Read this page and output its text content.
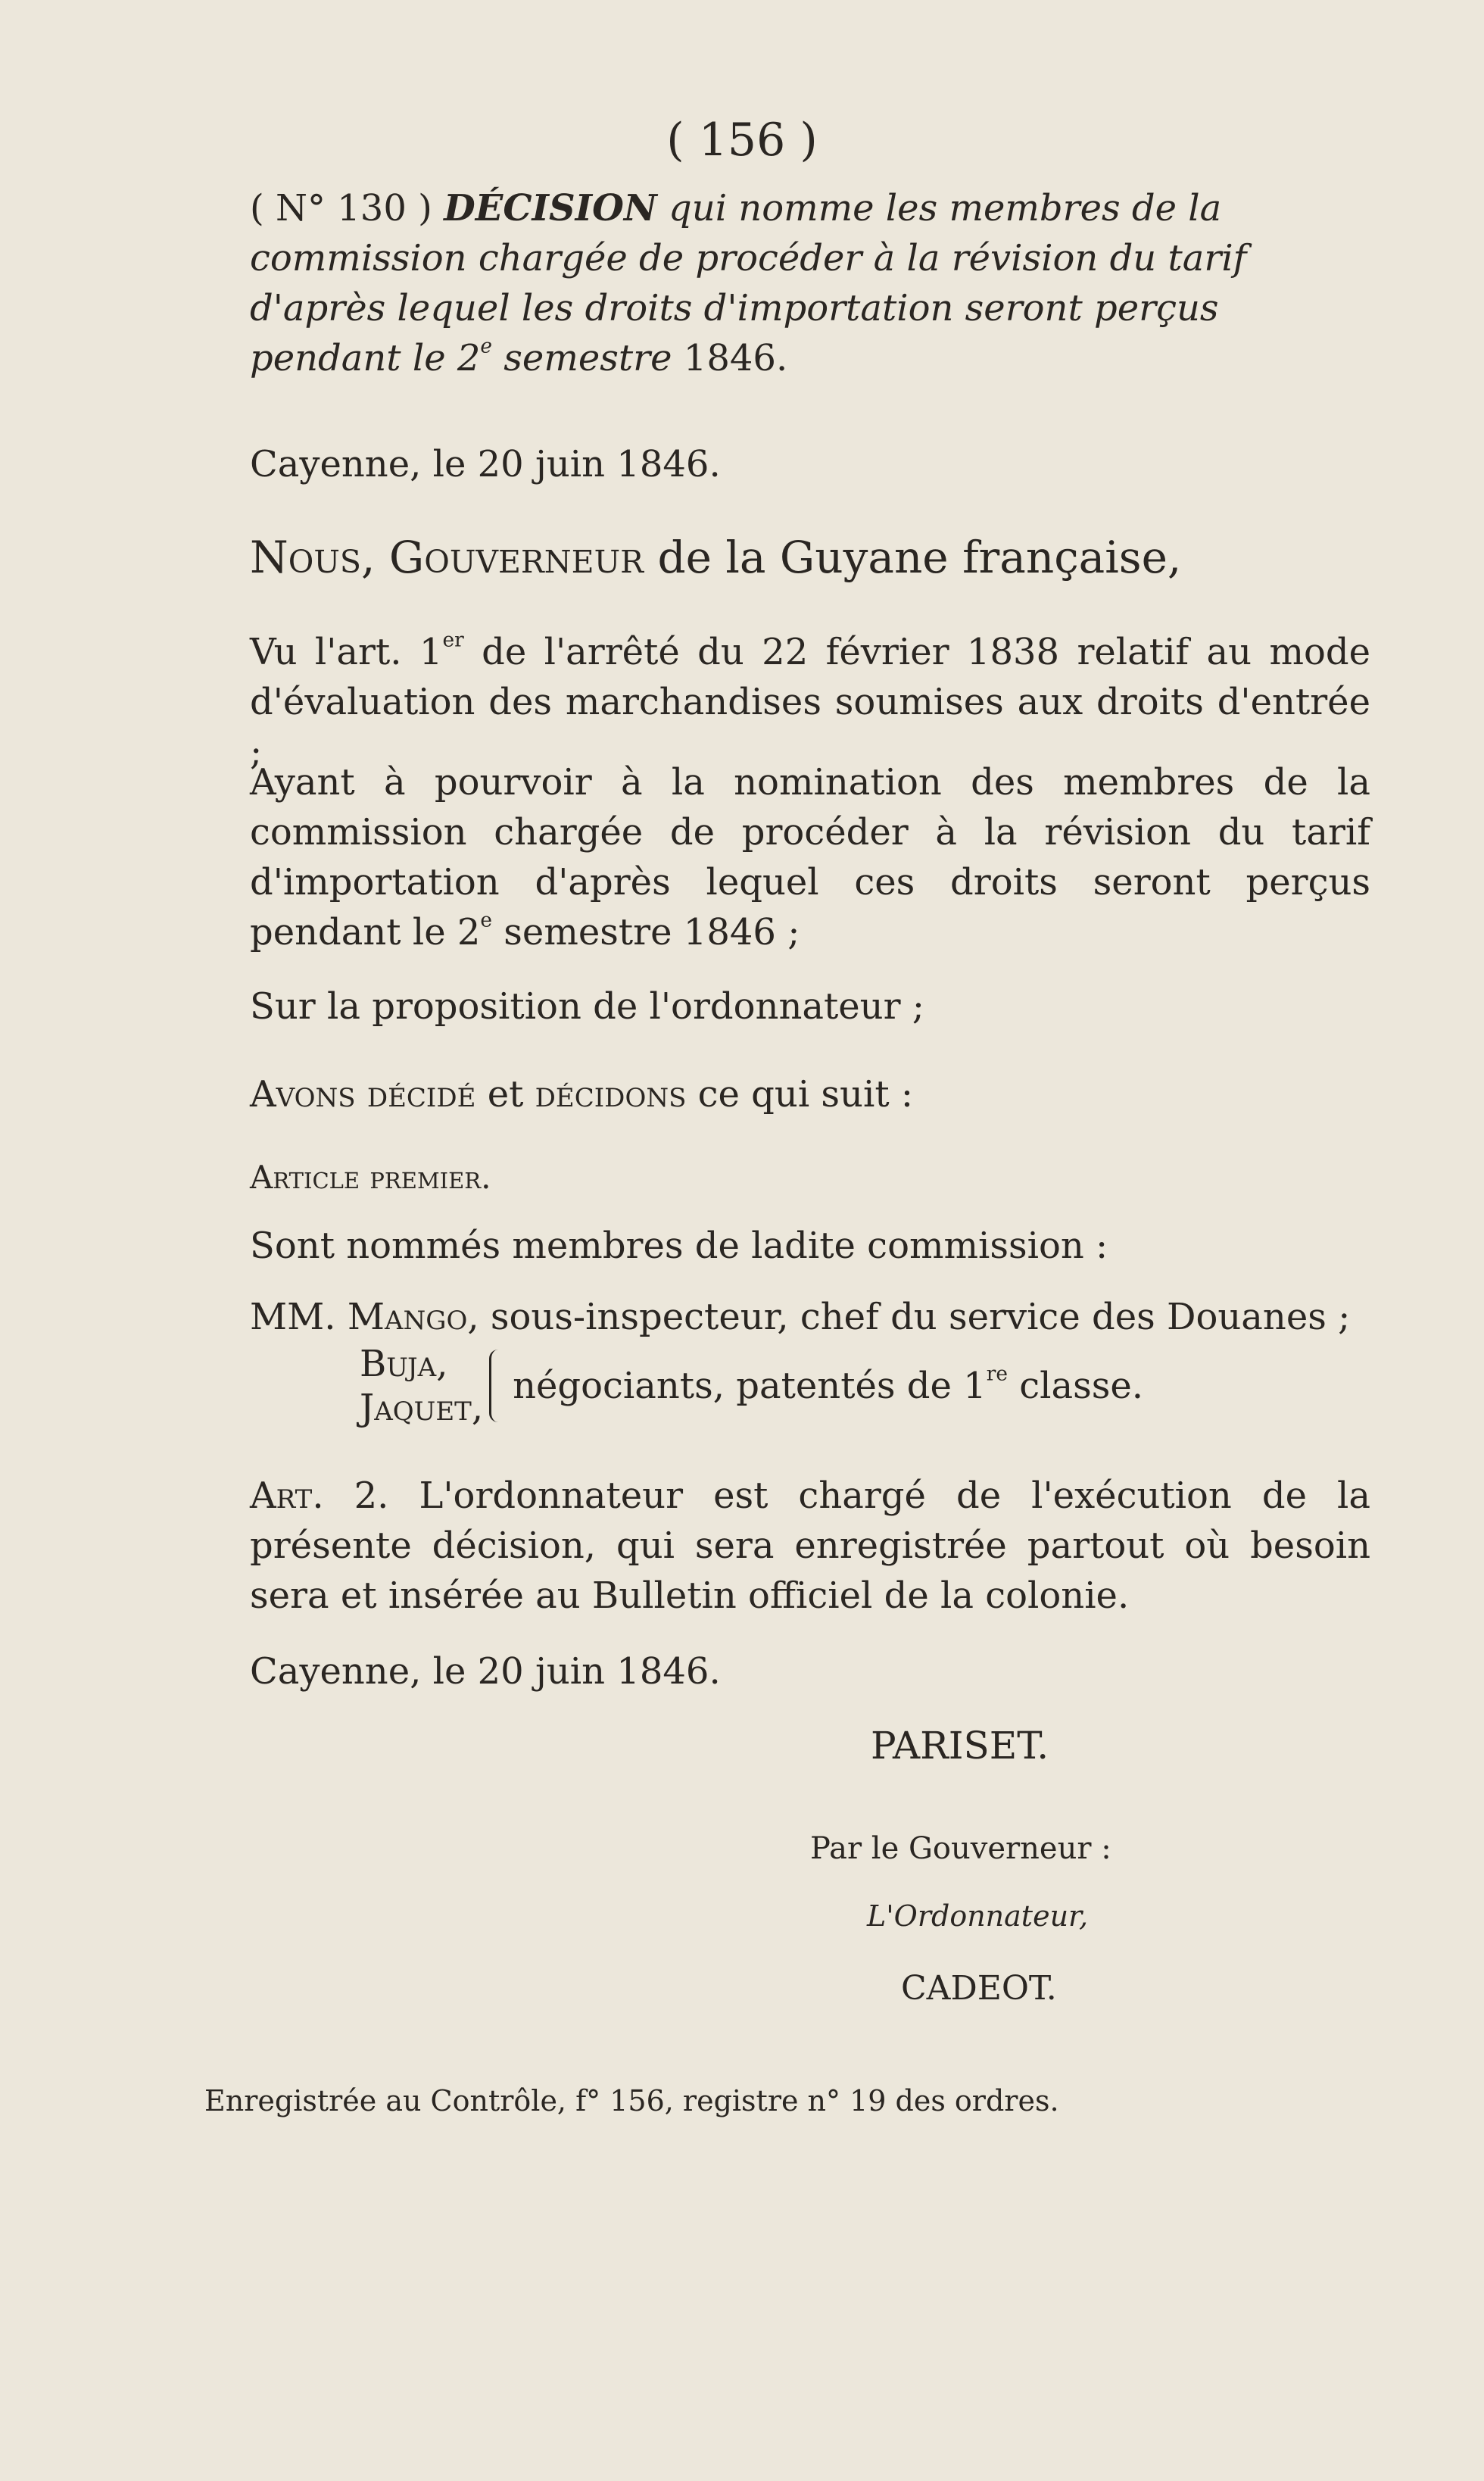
( 156 )

( N° 130 ) DÉCISION qui nomme les membres de la commission chargée de procéder à la révision du tarif d'après lequel les droits d'importation seront perçus pendant le 2e semestre 1846.

Cayenne, le 20 juin 1846.

Nous, Gouverneur de la Guyane française,

Vu l'art. 1er de l'arrêté du 22 février 1838 relatif au mode d'évaluation des marchandises soumises aux droits d'entrée ;

Ayant à pourvoir à la nomination des membres de la commission chargée de procéder à la révision du tarif d'importation d'après lequel ces droits seront perçus pendant le 2e semestre 1846 ;

Sur la proposition de l'ordonnateur ;

Avons décidé et décidons ce qui suit :

Article premier.

Sont nommés membres de ladite commission :

MM. Mango, sous-inspecteur, chef du service des Douanes ;
Buja,
Jaquet,
négociants, patentés de 1re classe.

Art. 2. L'ordonnateur est chargé de l'exécution de la présente décision, qui sera enregistrée partout où besoin sera et insérée au Bulletin officiel de la colonie.

Cayenne, le 20 juin 1846.

PARISET.

Par le Gouverneur :

L'Ordonnateur,

CADEOT.

Enregistrée au Contrôle, f° 156, registre n° 19 des ordres.
